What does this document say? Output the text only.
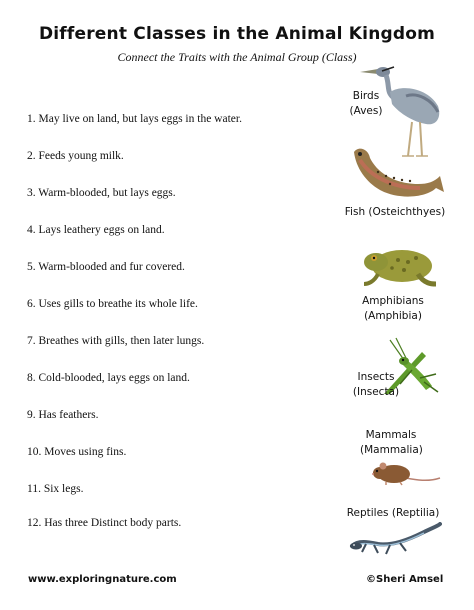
Different Classes in the Animal Kingdom
Connect the Traits with the Animal Group (Class)
1. May live on land, but lays eggs in the water.
2. Feeds young milk.
3. Warm-blooded, but lays eggs.
4. Lays leathery eggs on land.
5. Warm-blooded and fur covered.
6. Uses gills to breathe its whole life.
7. Breathes with gills, then later lungs.
8. Cold-blooded, lays eggs on land.
9. Has feathers.
10. Moves using fins.
11. Six legs.
12. Has three Distinct body parts.
Birds
(Aves)
Fish (Osteichthyes)
Amphibians
(Amphibia)
Insects
(Insecta)
Mammals
(Mammalia)
Reptiles (Reptilia)
www.exploringnature.com	©Sheri Amsel
